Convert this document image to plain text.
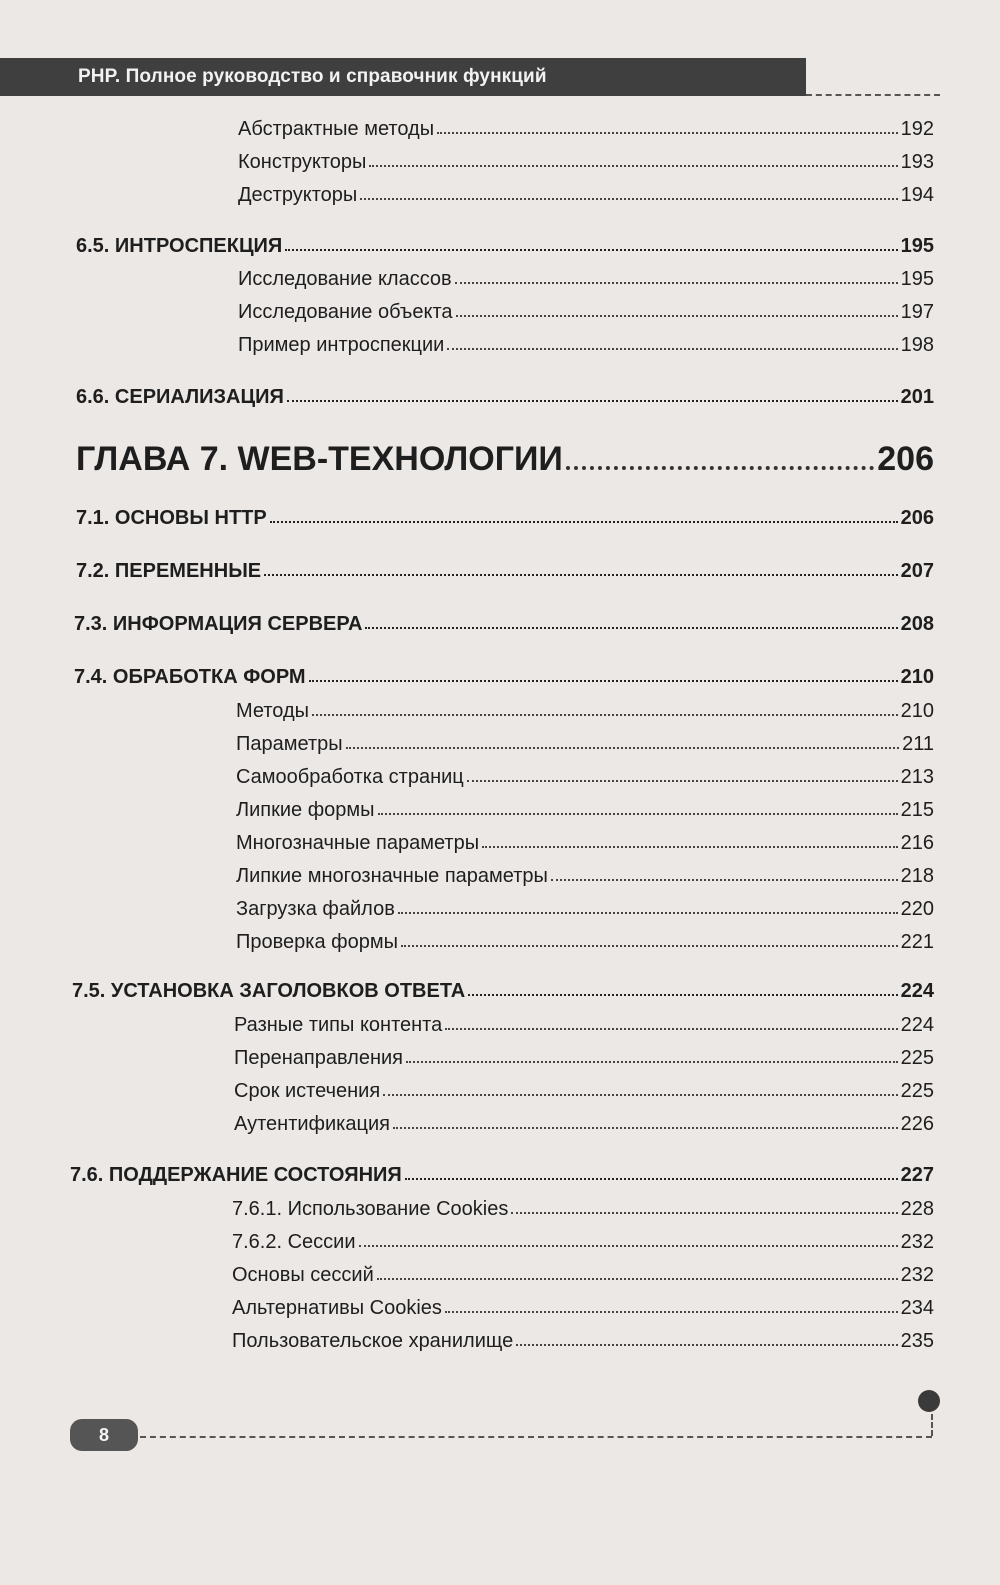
PHP. Полное руководство и справочник функций
Абстрактные методы	192
Конструкторы	193
Деструкторы	194
6.5. ИНТРОСПЕКЦИЯ	195
Исследование классов	195
Исследование объекта	197
Пример интроспекции	198
6.6. СЕРИАЛИЗАЦИЯ	201
ГЛАВА 7. WEB-ТЕХНОЛОГИИ	206
7.1. ОСНОВЫ HTTP	206
7.2. ПЕРЕМЕННЫЕ	207
7.3. ИНФОРМАЦИЯ СЕРВЕРА	208
7.4. ОБРАБОТКА ФОРМ	210
Методы	210
Параметры	211
Самообработка страниц	213
Липкие формы	215
Многозначные параметры	216
Липкие многозначные параметры	218
Загрузка файлов	220
Проверка формы	221
7.5. УСТАНОВКА ЗАГОЛОВКОВ ОТВЕТА	224
Разные типы контента	224
Перенаправления	225
Срок истечения	225
Аутентификация	226
7.6. ПОДДЕРЖАНИЕ СОСТОЯНИЯ	227
7.6.1. Использование Cookies	228
7.6.2. Сессии	232
Основы сессий	232
Альтернативы Cookies	234
Пользовательское хранилище	235
8
